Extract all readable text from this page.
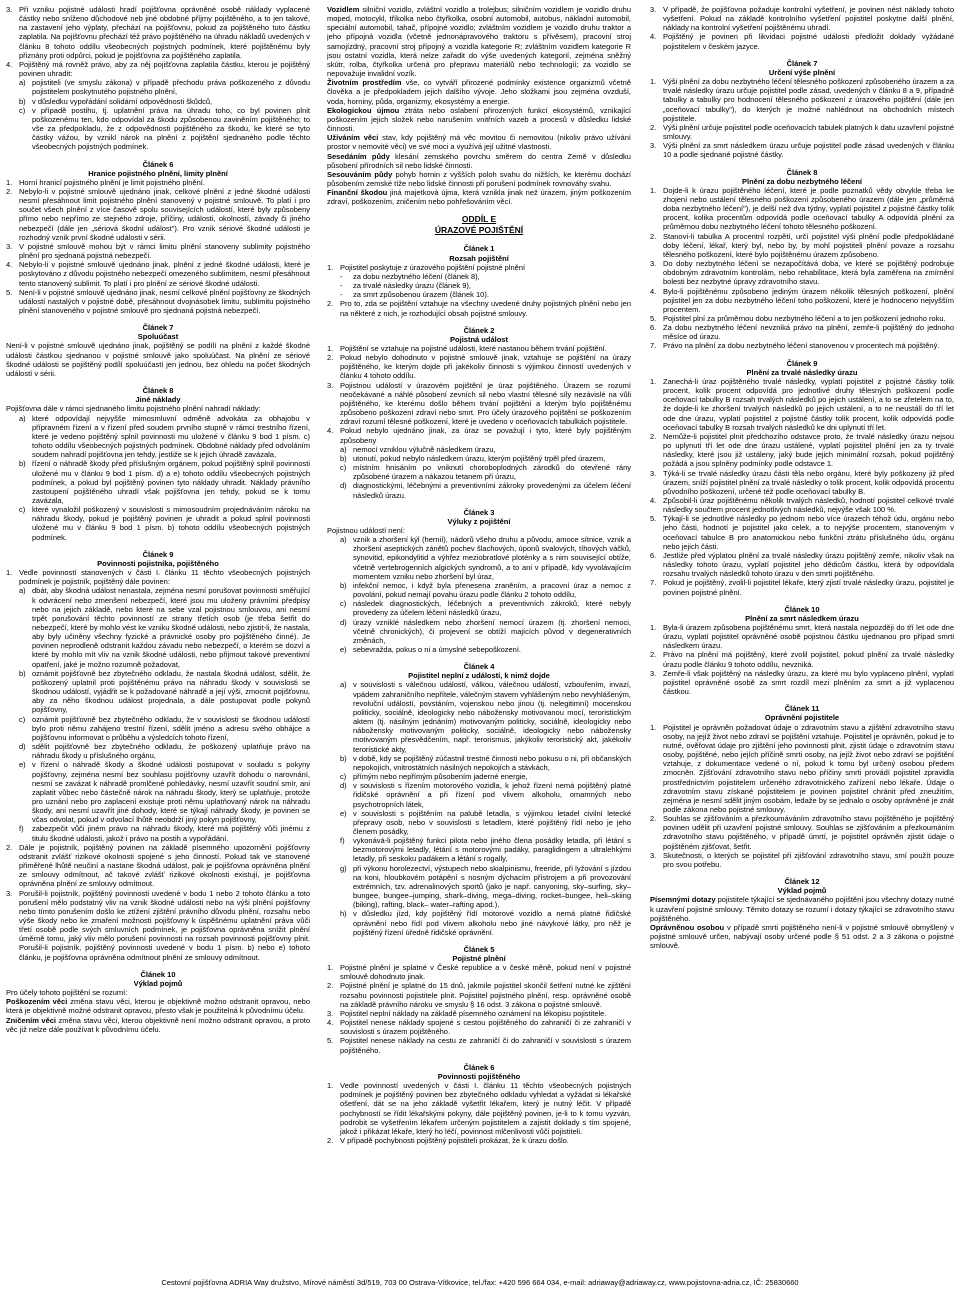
3. Při vzniku pojistné události hradí pojišťovna oprávněné osobě náklady vyplacené částky nebo sníženo důchodové neb jiné obdobné příjmy pojištěného, a to jen takové, na zastavení jeho výplaty, přechází na pojišťovnu, pokud za pojištěného tuto částku zaplatila. Na pojišťovnu přechází též právo pojištěného na úhradu nákladů uvedených v článku 8 tohoto oddílu všeobecných pojistných podmínek, které pojištěnému byly přiznány proti odpůrci, pokud je pojišťovna za pojištěného zaplatila.
4. Pojištěný má rovněž právo, aby za něj pojišťovna zaplatila částku, kterou je pojištěný povinen uhradit:
a) pojistiteli (ve smyslu zákona) v případě přechodu práva poškozeného z důvodu pojistitelem poskytnutého pojistného plnění,
b) v důsledku vypořádání solidární odpovědnosti škůdců,
c) v případě postihu, tj. uplatnění práva na úhradu toho, co byl povinen plnit poškozenému ten, kdo odpovídal za škodu způsobenou zaviněním pojištěného; to vše za předpokladu, že z odpovědnosti pojištěného za škodu, ke které se tyto částky vážou, by vznikl nárok na plnění z pojištění sjednaného podle těchto všeobecných pojistných podmínek.
Článek 6
Hranice pojistného plnění, limity plnění
1. Horní hranicí pojistného plnění je limit pojistného plnění.
2. Nebylo-li v pojistné smlouvě ujednáno jinak, celkové plnění z jedné škodné události nesmí přesáhnout limit pojistného plnění stanovený v pojistné smlouvě. To platí i pro součet všech plnění z více časově spolu souvisejících událostí, které byly způsobeny přímo nebo nepřímo ze stejného zdroje, příčiny, události, okolností, závady či jiného nebezpečí (dále jen „sériová škodní událost"). Pro vznik sériové škodné události je rozhodný vznik první škodné události v sérii.
3. V pojistné smlouvě mohou být v rámci limitu plnění stanoveny sublimity pojistného plnění pro sjednaná pojistná nebezpečí.
4. Nebylo-li v pojistné smlouvě ujednáno jinak, plnění z jedné škodné události, které je poskytováno z důvodu pojistného nebezpečí omezeného sublimitem, nesmí přesáhnout tento stanovený sublimit. To platí i pro plnění ze sériové škodné události.
5. Není-li v pojistné smlouvě ujednáno jinak, nesmí celkové plnění pojišťovny ze škodných událostí nastalých v pojistné době, přesáhnout dvojnásobek limitu, sublimitu pojistného plnění stanoveného v pojistné smlouvě pro sjednaná pojistná nebezpečí.
Článek 7
Spoluúčast

Není-li v pojistné smlouvě ujednáno jinak, pojištěný se podílí na plnění z každé škodné události částkou sjednanou v pojistné smlouvě jako spoluúčast. Na plnění ze sériové škodné události se pojištěný podílí spoluúčastí jen jednou, bez ohledu na počet škodných událostí v sérii.

Článek 8
Jiné náklady

Pojišťovna dále v rámci sjednaného limitu pojistného plnění nahradí náklady:

a) které odpovídají nejvyšše mimosmluvní odměně advokáta za obhajobu v přípravném řízení a v řízení před soudem prvního stupně v rámci trestního řízení, které je vedeno pojištěný splnil povinnosti mu uložené v článku 9 bod 1 písm. c) tohoto oddílu všeobecných pojistných podmínek. Obdobné náklady před odvoláním soudem nahradí pojišťovna jen tehdy, jestliže se k jejich úhradě zavázala,
b) řízení o náhradě škody před příslušným orgánem, pokud pojištěný splnil povinnosti uložené mu v článku 9 bod 1 písm. d) a e) tohoto oddílu všeobecných pojistných podmínek, a pokud byl pojištěný povinen tyto náklady uhradit. Náklady právního zastoupení pojištěného uhradí však pojišťovna jen tehdy, pokud se k tomu zavázala,
c) které vynaložil poškozený v souvislosti s mimosoudním projednáváním nároku na náhradu škody, pokud je pojištěný povinen je uhradit a pokud splnil povinnosti uložené mu v článku 9 bod 1 písm. b) tohoto oddílu všeobecných pojistných podmínek.
Článek 9
Povinnosti pojistníka, pojištěného
1. Vedle povinností stanovených v části I. článku 11 těchto všeobecných pojistných podmínek je pojistník, pojištěný dále povinen:
a) dbát, aby škodná událost nenastala, zejména nesmí porušovat povinnosti směřující k odvrácení nebo zmenšení nebezpečí, které jsou mu uloženy právními předpisy nebo na jejich základě, nebo které na sebe vzal pojistnou smlouvou, ani nesmí trpět porušování těchto povinností ze strany třetích osob (je třeba šetřit do nebezpečí, které by mohlo vést ke vzniku škodné události, nebo zjistit-li, že nastala, aby byly učiněny všechny fyzické a právnické osoby pro pojištěného činné). Je povinen neprodleně odstranit každou závadu nebo nebezpečí, o kterém se dozví a které by mohlo mít vliv na vznik škodné události, nebo přijmout takové preventivní opatření, jaké je možno rozumně požadovat,
b) oznámit pojišťovně bez zbytečného odkladu, že nastala škodná událost, sdělit, že poškozený uplatnil proti pojištěnému právo na náhradu škody v souvislosti se škodnou událostí, vyjádřit se k požadované náhradě a její výši, zmocnit pojišťovnu, aby za něho škodnou událost projednala, a dále postupovat podle pokynů pojišťovny,
c) oznámit pojišťovně bez zbytečného odkladu, že v souvislosti se škodnou událostí bylo proti němu zahájeno trestní řízení, sdělit jméno a adresu svého obhájce a pojišťovnu informovat o průběhu a výsledcích tohoto řízení,
d) sdělit pojišťovně bez zbytečného odkladu, že poškozený uplatňuje právo na náhradu škody u příslušného orgánu,
e) v řízení o náhradě škody a škodné události postupovat v souladu s pokyny pojišťovny, zejména nesmí bez souhlasu pojišťovny uzavřít dohodu o narovnání, nesmí se zavázat k náhradě promlčené pohledávky, nesmí uzavřít soudní smír, ani zaplatit vůbec nebo částečně nárok na náhradu škody, který se uplatňuje, protože pro uznání nebo pro zaplacení existuje proti němu uplatňovaný nárok na náhradu škody, ani nesmí uzavřít jiné dohody, které se týkají náhrady škody, je povinen se včas odvolat, pokud v odvolací lhůtě neobdrží jiný pokyn pojišťovny,
f)	zabezpečit vůči jiném právo na náhradu škody, které má pojištěný vůči jinému z titulu škodné události, jakož i právo na postih a vypořádání.
2. Dále je pojistník, pojištěný povinen na základě písemného upozornění pojišťovny odstranit zvlášť rizikové okolnosti spojené s jeho činností. Pokud tak ve stanovené přiměřené lhůtě neučiní a nastane škodná událost, pak je pojišťovna oprávněna plnění ze smlouvy odmítnout, ač takové zvlášť rizikové okolnosti existují, je pojišťovna oprávněna plnění ze smlouvy odmítnout.
3. Porušil-li pojistník, pojištěný povinnosti uvedené v bodu 1 nebo 2 tohoto článku a toto porušení mělo podstatný vliv na vznik škodné události nebo na výši plnění pojišťovny nebo tímto porušením došlo ke ztížení zjištění právního důvodu plnění, rozsahu nebo výše škody nebo ke zmaření možnosti pojišťovny k úspěšnému uplatnění práva vůči třetí osobě podle svých smluvních podmínek, je pojišťovna oprávněna snížit plnění úměrně tomu, jaký vliv mělo porušení povinnosti na rozsah povinnosti pojišťovny plnit. Porušil-li pojistník, pojištěný povinnosti uvedené v bodu 1 písm. b) nebo e) tohoto článku, je pojišťovna oprávněna odmítnout plnění ze smlouvy odmítnout.
Článek 10
Výklad pojmů

Pro účely tohoto pojištění se rozumí:

Poškozením věci změna stavu věci, kterou je objektivně možno odstranit opravou, nebo která je objektivně možné odstranit opravou, přesto však je použitelná k původnímu účelu.

Zničením věci změna stavu věci, kterou objektivně není možno odstranit opravou, a proto věc již nelze dále používat k původnímu účelu.

Vozidlem silniční vozidlo, zvláštní vozidlo a trolejbus; silničním vozidlem je vozidlo druhu moped, motocykl, tříkolka nebo čtyřkolka, osobní automobil, autobus, nákladní automobil, speciální automobil, tahač, přípojné vozidlo; zvláštním vozidlem je vozidlo druhu traktor a jeho přípojná vozidla (včetně jednonápravového traktoru s přívěsem), pracovní stroj samojízdný, pracovní stroj přípojný a vozidla kategorie R; zvláštním vozidlem kategorie R jsou ostatní vozidla, která nelze zařadit do výše uvedených kategorií, zejména sněžný skútr, rolba, čtyřkolka určená pro přepravu materiálů nebo technologií; za vozidlo se nepovažuje invalidní vozík.

Životním prostředím vše, co vytváří přirozené podmínky existence organizmů včetně člověka a je předpokladem jejich dalšího vývoje. Jeho složkami jsou zejména ovzduší, voda, horniny, půda, organizmy, ekosystémy a energie.

Ekologickou újmou ztráta nebo oslabení přirozených funkcí ekosystémů, vznikající poškozením jejich složek nebo narušením vnitřních vazeb a procesů v důsledku lidské činnosti.

Užíváním věci stav, kdy pojištěný má věc movitou či nemovitou (nikoliv právo užívání prostor v nemovité věci) ve své moci a využívá její užitné vlastnosti.

Sesedáním půdy klesání zemského povrchu směrem do centra Země v důsledku působení přírodních sil nebo lidské činnosti.

Sesouváním půdy pohyb hornin z vyšších poloh svahu do nižších, ke kterému dochází působením zemské tíže nebo lidské činnosti při porušení podmínek rovnováhy svahu.

Finanční škodou jiná majetková újma, která vznikla jinak než úrazem, jiným poškozením zdraví, poškozením, zničením nebo pohřešováním věcí.

ODDÍL E
ÚRAZOVÉ POJIŠTĚNÍ
Článek 1
Rozsah pojištění
1. Pojistitel poskytuje z úrazového pojištění pojistné plnění
-	za dobu nezbytného léčení (článek 8),
-	za trvalé následky úrazu (článek 9),
-	za smrt způsobenou úrazem (článek 10).
2. Pro to, zda se pojištění vztahuje na všechny uvedené druhy pojistných plnění nebo jen na některé z nich, je rozhodující obsah pojistné smlouvy.
Článek 2
Pojistná událost
1. Pojištění se vztahuje na pojistné události, které nastanou během trvání pojištění.
2. Pokud nebylo dohodnuto v pojistné smlouvě jinak, vztahuje se pojištění na úrazy pojištěného, ke kterým dojde při jakékoliv činnosti s výjimkou činností uvedených v článku 4 tohoto oddílu.
3. Pojistnou událostí v úrazovém pojištění je úraz pojištěného. Úrazem se rozumí neočekávané a náhlé působení zevních sil nebo vlastní tělesné síly nezávislé na vůli pojištěného, ke kterému došlo během trvání pojištění a kterým bylo pojištěnému způsobeno poškození zdraví nebo smrt. Pro účely úrazového pojištění se poškozením zdraví rozumí tělesné poškození, které je uvedeno v oceňovacích tabulkách pojistitele.
4. Pokud nebylo ujednáno jinak, za úraz se považují i tyto, které byly pojištěným způsobeny
a) nemocí vzniklou výlučně následkem úrazu,
b) utonutí, pokud nebylo následkem úrazu, kterým pojištěný trpěl před úrazem,
c) místním hnisáním po vniknutí choroboplodných zárodků do otevřené rány způsobené úrazem a nákazou tetanem při úrazu,
d) diagnostickými, léčebnými a preventivními zákroky provedenými za účelem léčení následků úrazu.
Článek 3
Výluky z pojištění

Pojistnou událostí není:

a) vznik a zhoršení kýl (hernií), nádorů všeho druhu a původu, amoce sítnice, vznik a zhoršení aseptických zánětů pochev šlachových, úponů svalových, tíhových váčků, synovitid, epikondylitid a výhřez meziobratlové ploténky a s nim související obtíže, včetně vertebrogenních algických syndromů, a to ani v případě, kdy vyvolávajícím momentem vzniku nebo zhoršení byl úraz,
b) infekční nemoc, i když byla přenesena zraněním, a pracovní úraz a nemoc z povolání, pokud nemají povahu úrazu podle článku 2 tohoto oddílu,
c) následek diagnostických, léčebných a preventivních zákroků, které nebyly provedeny za účelem léčení následků úrazu,
d) úrazy vzniklé následkem nebo zhoršení nemocí úrazem (tj. zhoršení nemoci, včetně chronických), či projevení se obtíží majících původ v degenerativních změnách,
e) sebevražda, pokus o ni a úmyslné sebepoškození.
Článek 4
Pojistitel neplní z událostí, k nimž dojde
a) v souvislosti s válečnou událostí, válkou, válečnou událostí, vzbouřením, invazí, vpádem zahraničního nepřítele, válečným stavem vyhlášeným nebo nevyhlášeným, revoluční událostí, povstáním, vojenskou nebo jinou (tj. nelegitimní) mocenskou politicky, sociálně, ideologicky nebo nábožensky motivovanou mocí, teroristickým aktem (tj. násilným jednáním) motivovaným politicky, sociálně, ideologicky nebo nábožensky motivovaným politicky, sociálně, ideologicky nebo nábožensky motivovaným přesvědčením, např. terorismus, jakýkoliv teroristický akt, jakékoliv teroristické akty,
b) v době, kdy se pojištěný zúčastnil trestné činnosti nebo pokusu o ni, při občanských nepokojích, vnitrostátních násilných nepokojích a stávkách,
c) přímým nebo nepřímým působením jaderné energie,
d) v souvislosti s řízením motorového vozidla, k jehož řízení nemá pojištěný platné řidičské oprávnění a při řízení pod vlivem alkoholu, omamných nebo psychotropních látek,
e) v souvislosti s pojištěním na palubě letadla, s výjimkou letadel civilní letecké přepravy osob, nebo v souvislosti s letadlem, které pojištěný řídí nebo je jeho členem posádky,
f)	vykonává-li pojištěný funkci pilota nebo jiného člena posádky letadla, při létání s bezmotorovými letadly, létání s motorovými padáky, paraglidingem a ultralehkými letadly, při seskoku padákem a létání s rogally,
g) při výkonu horolezectví, výstupech nebo skialpinismu, freeride, při lyžování s jízdou na koni, hloubkovém potápění s nosným dýchacím přístrojem a při provozování extrémních, tzv. adrenalinových sportů (jako je např. canyoning, sky–surfing, sky–bungee, bungee–jumping, shark–diving, mega–diving, rocket–bungee, heli–skiing (biking), rafting, black– water–rafting apod.),
h) v důsledku jízd, kdy pojištěný řídí motorové vozidlo a nemá platné řidičské oprávnění nebo řídí pod vlivem alkoholu nebo jiné návykové látky, pro něž je pojištěný řízení úředně řidičské oprávnění.
Článek 5
Pojistné plnění
1. Pojistné plnění je splatné v České republice a v české měně, pokud není v pojistné smlouvě dohodnuto jinak.
2. Pojistné plnění je splatné do 15 dnů, jakmile pojistitel skončil šetření nutné ke zjištění rozsahu povinnosti pojistitele plnit. Pojistitel pojistného plnění, resp. oprávněné osobě na základě právního nároku ve smyslu § 16 odst. 3 zákona o pojistné smlouvě.
3. Pojistitel neplní náklady na základě písemného oznámení na lékopisu pojistitele.
4. Pojistitel nenese náklady spojené s cestou pojištěného do zahraničí či ze zahraničí v souvislosti s úrazem pojištěného.
5. Pojistitel nenese náklady na cestu ze zahraničí či do zahraničí v souvislosti s úrazem pojištěného.
Článek 6
Povinnosti pojištěného
1. Vedle povinností uvedených v části I. článku 11 těchto všeobecných pojistných podmínek je pojištěný povinen bez zbytečného odkladu vyhledat a vyžádat si lékařské ošetření, dát se na jeho základě vyšetřit lékařem, který je nutný léčit. V případě pochybností se řídit lékařskými pokyny, dále pojištěný povinen, je-li to k tomu vyzván, podrobit se vyšetřením lékařem určeným pojistitelem a zajistit doklady s tím spojené, jakož i přikázat lékaře, který ho léčí, povinnost mlčenlivosti vůči pojistiteli.
2. V případě pochybnosti pojištěný pojistiteli prokázat, že k úrazu došlo.
3. V případě, že pojišťovna požaduje kontrolní vyšetření, je povinen nést náklady tohoto vyšetření. Pokud na základě kontrolního vyšetření pojistitel poskytne další plnění, náklady na kontrolní vyšetření pojištěnému uhradí.
4. Pojištěný je povinen při likvidaci pojistné události předložit doklady vyžádané pojistitelem v českém jazyce.
Článek 7
Určení výše plnění
1. Výši plnění za dobu nezbytného léčení tělesného poškození způsobeného úrazem a za trvalé následky úrazu určuje pojistitel podle zásad, uvedených v článku 8 a 9, případně tabulky a tabulky pro hodnocení tělesného poškození z úrazového pojištění (dále jen „oceňovací tabulky"), do kterých je možné nahlédnout na obchodních místech pojistitele.
2. Výši plnění určuje pojistitel podle oceňovacích tabulek platných k datu uzavření pojistné smlouvy.
3. Výši plnění za smrt následkem úrazu určuje pojistitel podle zásad uvedených v článku 10 a podle sjednané pojistné částky.
Článek 8
Plnění za dobu nezbytného léčení
1. Dojde-li k úrazu pojištěného léčení, které je podle poznatků vědy obvykle třeba ke zhojení nebo ustálení tělesného poškození způsobeného úrazem (dále jen „průměrná doba nezbytného léčení"), je delší než dva týdny, vyplatí pojistitel z pojistné částky tolik procent, kolika procentům odpovídá podle oceňovací tabulky A odpovídá plnění za průměrnou dobu nezbytného léčení tohoto tělesného poškození.
2. Stanoví-li tabulka A procentní rozpětí, určí pojistitel výši plnění podle předpokládané doby léčení, lékař, který byl, nebo by, by mohl pojistiteli plnění povaze a rozsahu tělesného poškození, které bylo pojištěnému úrazem způsobeno.
3. Do doby nezbytného léčení se nezapočítává doba, ve které se pojištěný podrobuje obdobným zdravotním kontrolám, nebo rehabilitace, která byla zaměřena na zmírnění bolesti bez nezbytné úpravy zdravotního stavu.
4. Bylo-li pojištěnému způsobeno jediným úrazem několik tělesných poškození, plnění pojistitel jen za dobu nezbytného léčení toho poškození, které je hodnoceno nejvyšším procentem.
5. Pojistitel plní za průměrnou dobu nezbytného léčení a to jen poškození jednoho roku.
6. Za dobu nezbytného léčení nevzniká právo na plnění, zemře-li pojištěný do jednoho měsíce od úrazu.
7. Právo na plnění za dobu nezbytného léčení stanovenou v procentech má pojištěný.
Článek 9
Plnění za trvalé následky úrazu
1. Zanechá-li úraz pojištěného trvalé následky, vyplatí pojistitel z pojistné částky tolik procent, kolik procent odpovídá pro jednotlivé druhy tělesných poškození podle oceňovací tabulky B rozsah trvalých následků po jejich ustálení, a to se zřetelem na to, že dojde-li ke zhoršení trvalých následků po jejich ustálení, a to ne neustálí do tří let ode dne úrazu, vyplatí pojistitel z pojistné částky tolik procent, kolik odpovídá podle oceňovací tabulky B rozsah trvalých následků ke dni uplynutí tří let.
2. Nemůže-li pojistitel plnit předchozího odstavce proto, že trvalé následky úrazu nejsou po uplynutí tří let ode dne úrazu ustálené, vyplatí pojistitel plnění jen za ty trvalé následky, které jsou již ustáleny, jaký bude jejich minimální rozsah, pokud pojištěný požádá a jsou splněny podmínky podle odstavce 1.
3. Týká-li se trvalé následky úrazu části těla nebo orgánu, které byly poškozeny již před úrazem, sníží pojistitel plnění za trvalé následky o tolik procent, kolik odpovídá procentu původního poškození, určené též podle oceňovací tabulky B.
4. Způsobil-li úraz pojištěnému několik trvalých následků, hodnotí pojistitel celkové trvalé následky součtem procent jednotlivých následků, nejvýše však 100 %.
5. Týkají-li se jednotlivé následky po jednom nebo více úrazech téhož údu, orgánu nebo jeho části, hodnotí je pojistitel jako celek, a to nejvýše procentem, stanoveným v oceňovací tabulce B pro anatomickou nebo funkční ztrátu příslušného údu, orgánu nebo jejich části.
6. Jestliže před výplatou plnění za trvalé následky úrazu pojištěný zemře, nikoliv však na následky tohoto úrazu, vyplatí pojistitel jeho dědicům částku, která by odpovídala rozsahu trvalých následků tohoto úrazu v den smrti pojištěného.
7. Pokud je pojištěný, zvolil-li pojistitel lékaře, který zjistí trvalé následky úrazu, pojistitel je povinen pojistné plnění.
Článek 10
Plnění za smrt následkem úrazu
1. Byla-li úrazem způsobena pojištěnému smrt, která nastala nejpozději do tří let ode dne úrazu, vyplatí pojistitel oprávněné osobě pojistnou částku ujednanou pro případ smrti následkem úrazu.
2. Právo na plnění má pojištěný, které zvolil pojistitel, pokud plnění za trvalé následky úrazu podle článku 9 tohoto oddílu, nevzniká.
3. Zemře-li však pojištěný na následky úrazu, za které mu bylo vyplaceno plnění, vyplatí pojistitel oprávněné osobě za smrt rozdíl mezi plněním za smrt a již vyplacenou částkou.
Článek 11
Oprávnění pojistitele
1. Pojistitel je oprávněn požadovat údaje o zdravotním stavu a zjištění zdravotního stavu osoby, na jejíž život nebo zdraví se pojištění vztahuje. Pojistitel je oprávněn, pokud je to nutné, ověřovat údaje pro zjištění jeho povinnosti plnit, zjistit údaje o zdravotním stavu osoby, pojištěné, nebo jejích příčině smrti osoby, na jejíž život nebo zdraví se pojištění vztahuje, z dokumentace vedené o ní, pokud k tomu byl určený osobou předem zmocněn. Zjišťování zdravotního stavu nebo příčiny smrti provádí pojistitel zpravidla prostřednictvím pojistitelem určeného zdravotnického zařízení nebo lékaře. Údaje o zdravotním stavu získané pojistitelem je povinen pojistitel chránit před zneužitím, zejména je nesmí sdělit jiným osobám, ledaže by se jednalo o osoby oprávněné je znát podle zákona nebo pojistné smlouvy.
2. Souhlas se zjišťováním a přezkoumáváním zdravotního stavu pojištěného je pojištěný povinen udělit při uzavření pojistné smlouvy. Souhlas se zjišťováním a přezkoumáním zdravotního stavu pojištěného, v případě úmrtí, je pojistitel oprávněn zjistit údaje o pojištěném zjišťovat, šetřit.
3. Skutečnosti, o kterých se pojistitel při zjišťování zdravotního stavu, smí použít pouze pro svou potřebu.
Článek 12
Výklad pojmů

Písemnými dotazy pojistitele týkající se sjednávaného pojištění jsou všechny dotazy nutné k uzavření pojistné smlouvy. Těmito dotazy se rozumí i dotazy týkající se zdravotního stavu pojištěného.

Oprávněnou osobou v případě smrti pojištěného není-li v pojistné smlouvě obmyšlený v pojistné smlouvě určen, nabývají osoby určené podle § 51 odst. 2 a 3 zákona o pojistné smlouvě.

Cestovní pojišťovna ADRIA Way družstvo, Mírové náměstí 3d/519, 703 00 Ostrava-Vítkovice, tel./fax: +420 596 664 034, e-mail: adriaway@adriaway.cz, www.pojistovna-adria.cz, IČ: 25830660
